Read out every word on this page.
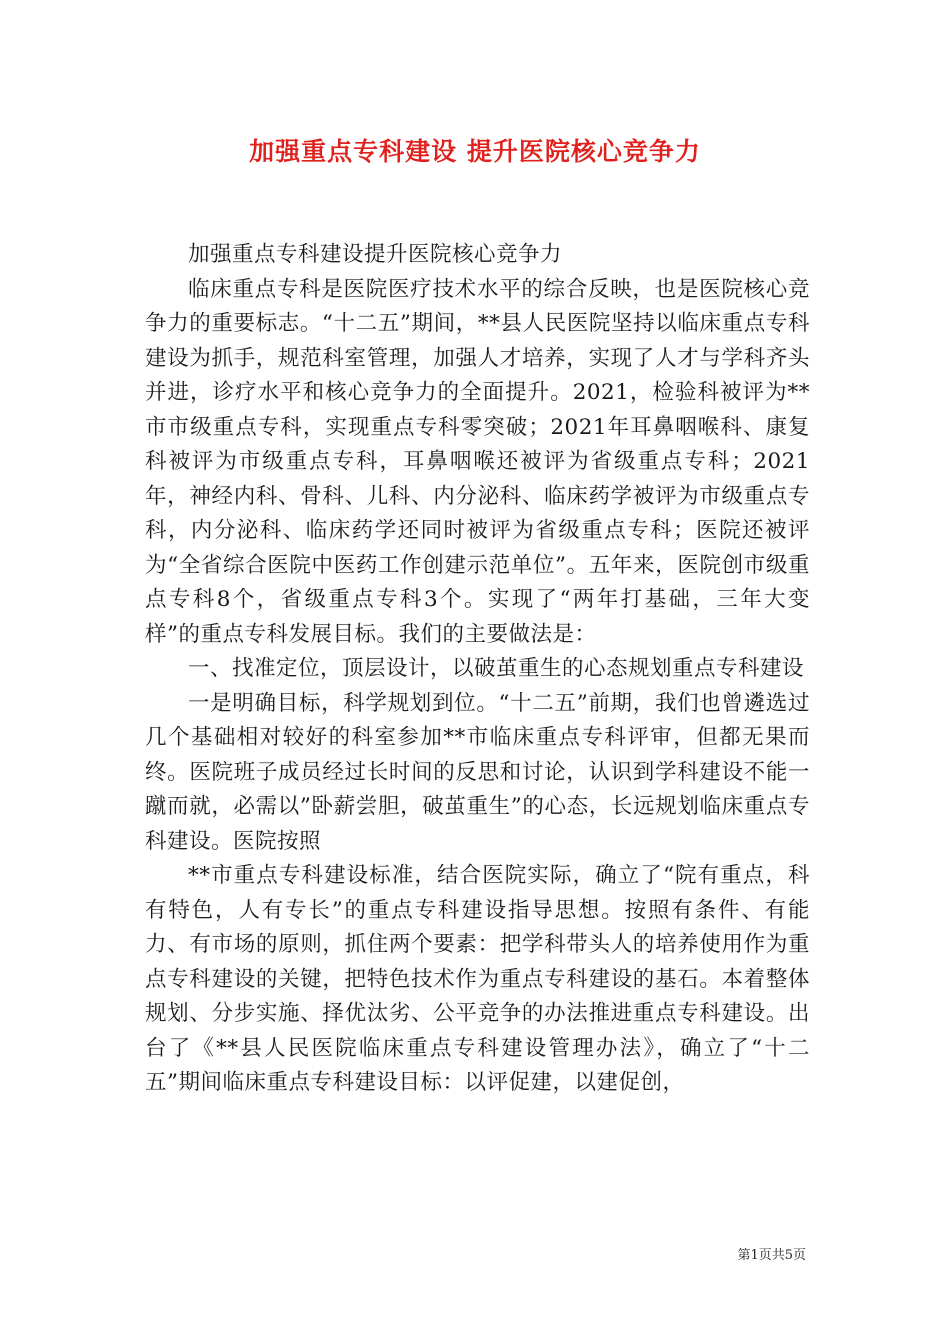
加强重点专科建设 提升医院核心竞争力

加强重点专科建设提升医院核心竞争力

临床重点专科是医院医疗技术水平的综合反映，也是医院核心竞争力的重要标志。“十二五”期间，**县人民医院坚持以临床重点专科建设为抓手，规范科室管理，加强人才培养，实现了人才与学科齐头并进，诊疗水平和核心竞争力的全面提升。2021，检验科被评为**市市级重点专科，实现重点专科零突破；2021年耳鼻咽喉科、康复科被评为市级重点专科，耳鼻咽喉还被评为省级重点专科；2021年，神经内科、骨科、儿科、内分泌科、临床药学被评为市级重点专科，内分泌科、临床药学还同时被评为省级重点专科；医院还被评为“全省综合医院中医药工作创建示范单位”。五年来，医院创市级重点专科8个，省级重点专科3个。实现了“两年打基础，三年大变样”的重点专科发展目标。我们的主要做法是：

一、找准定位，顶层设计，以破茧重生的心态规划重点专科建设

一是明确目标，科学规划到位。“十二五”前期，我们也曾遴选过几个基础相对较好的科室参加**市临床重点专科评审，但都无果而终。医院班子成员经过长时间的反思和讨论，认识到学科建设不能一蹴而就，必需以”卧薪尝胆，破茧重生”的心态，长远规划临床重点专科建设。医院按照

**市重点专科建设标准，结合医院实际，确立了“院有重点，科有特色，人有专长”的重点专科建设指导思想。按照有条件、有能力、有市场的原则，抓住两个要素：把学科带头人的培养使用作为重点专科建设的关键，把特色技术作为重点专科建设的基石。本着整体规划、分步实施、择优汰劣、公平竞争的办法推进重点专科建设。出台了《**县人民医院临床重点专科建设管理办法》，确立了“十二五”期间临床重点专科建设目标：以评促建，以建促创，

第1页共5页
